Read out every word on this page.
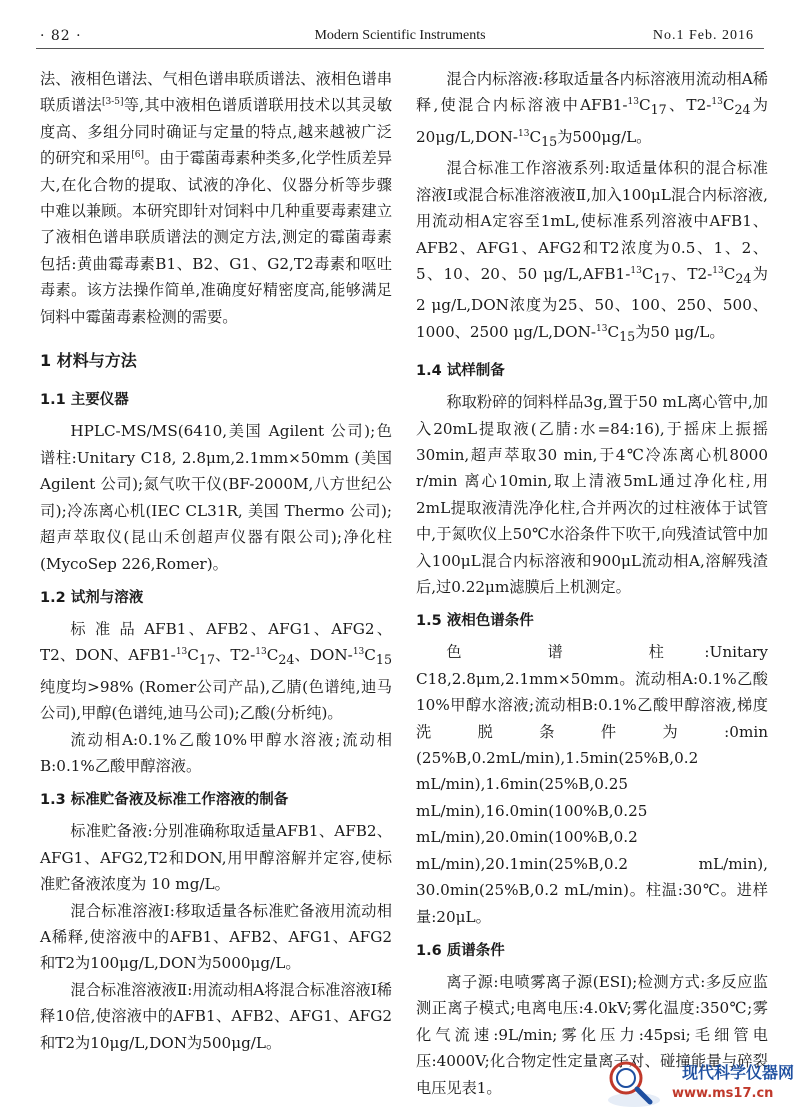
· 82 ·	Modern Scientific Instruments	No.1 Feb. 2016

法、液相色谱法、气相色谱串联质谱法、液相色谱串联质谱法[3-5]等,其中液相色谱质谱联用技术以其灵敏度高、多组分同时确证与定量的特点,越来越被广泛的研究和采用[6]。由于霉菌毒素种类多,化学性质差异大,在化合物的提取、试液的净化、仪器分析等步骤中难以兼顾。本研究即针对饲料中几种重要毒素建立了液相色谱串联质谱法的测定方法,测定的霉菌毒素包括:黄曲霉毒素B1、B2、G1、G2,T2毒素和呕吐毒素。该方法操作简单,准确度好精密度高,能够满足饲料中霉菌毒素检测的需要。

1 材料与方法
1.1 主要仪器

HPLC-MS/MS(6410,美国 Agilent 公司);色谱柱:Unitary C18, 2.8μm,2.1mm×50mm (美国 Agilent 公司);氮气吹干仪(BF-2000M,八方世纪公司);冷冻离心机(IEC CL31R, 美国 Thermo 公司);超声萃取仪(昆山禾创超声仪器有限公司);净化柱(MycoSep 226,Romer)。

1.2 试剂与溶液

标 准 品 AFB1、AFB2、AFG1、AFG2、T2、DON、$AFB1-^{13}C_{17}$、$T2-^{13}C_{24}$、DON-$^{13}C_{15}$纯度均>98% (Romer公司产品),乙腈(色谱纯,迪马公司),甲醇(色谱纯,迪马公司);乙酸(分析纯)。

流动相A:0.1%乙酸10%甲醇水溶液;流动相B:0.1%乙酸甲醇溶液。

1.3 标准贮备液及标准工作溶液的制备

标准贮备液:分别准确称取适量AFB1、AFB2、AFG1、AFG2,T2和DON,用甲醇溶解并定容,使标准贮备液浓度为 10 mg/L。

混合标准溶液Ⅰ:移取适量各标准贮备液用流动相A稀释,使溶液中的AFB1、AFB2、AFG1、AFG2和T2为100μg/L,DON为5000μg/L。

混合标准溶液液Ⅱ:用流动相A将混合标准溶液Ⅰ稀释10倍,使溶液中的AFB1、AFB2、AFG1、AFG2和T2为10μg/L,DON为500μg/L。

混合内标溶液:移取适量各内标溶液用流动相A稀释,使混合内标溶液中$AFB1-^{13}C_{17}$、$T2-^{13}C_{24}$为$20\mu g/L,DON-^{13}C_{15}$为500μg/L。

混合标准工作溶液系列:取适量体积的混合标准溶液Ⅰ或混合标准溶液液Ⅱ,加入100μL混合内标溶液,用流动相A定容至1mL,使标准系列溶液中AFB1、AFB2、AFG1、AFG2和T2浓度为0.5、1、2、5、10、20、50 $\mu g/L,AFB1-^{13}C_{17}$、$T2-^{13}C_{24}$为 2 μg/L,DON浓度为25、50、100、250、500、1000、2500 $\mu g/L,DON-^{13}C_{15}$为50 μg/L。

1.4 试样制备

称取粉碎的饲料样品3g,置于50 mL离心管中,加入20mL提取液(乙腈:水=84:16),于摇床上振摇30min,超声萃取30 min,于4℃冷冻离心机8000 r/min 离心10min,取上清液5mL通过净化柱,用2mL提取液清洗净化柱,合并两次的过柱液体于试管中,于氮吹仪上50℃水浴条件下吹干,向残渣试管中加入100μL混合内标溶液和900μL流动相A,溶解残渣后,过0.22μm滤膜后上机测定。

1.5 液相色谱条件

色 谱 柱:Unitary C18,2.8μm,2.1mm×50mm。流动相A:0.1%乙酸10%甲醇水溶液;流动相B:0.1%乙酸甲醇溶液,梯度洗脱条件为:0min (25%B,0.2mL/min),1.5min(25%B,0.2 mL/min),1.6min(25%B,0.25 mL/min),16.0min(100%B,0.25 mL/min),20.0min(100%B,0.2 mL/min),20.1min(25%B,0.2 mL/min), 30.0min(25%B,0.2 mL/min)。柱温:30℃。进样量:20μL。

1.6 质谱条件

离子源:电喷雾离子源(ESI);检测方式:多反应监测正离子模式;电离电压:4.0kV;雾化温度:350℃;雾化气流速:9L/min;雾化压力:45psi;毛细管电压:4000V;化合物定性定量离子对、碰撞能量与碎裂电压见表1。

现代科学仪器网
www.ms17.cn
